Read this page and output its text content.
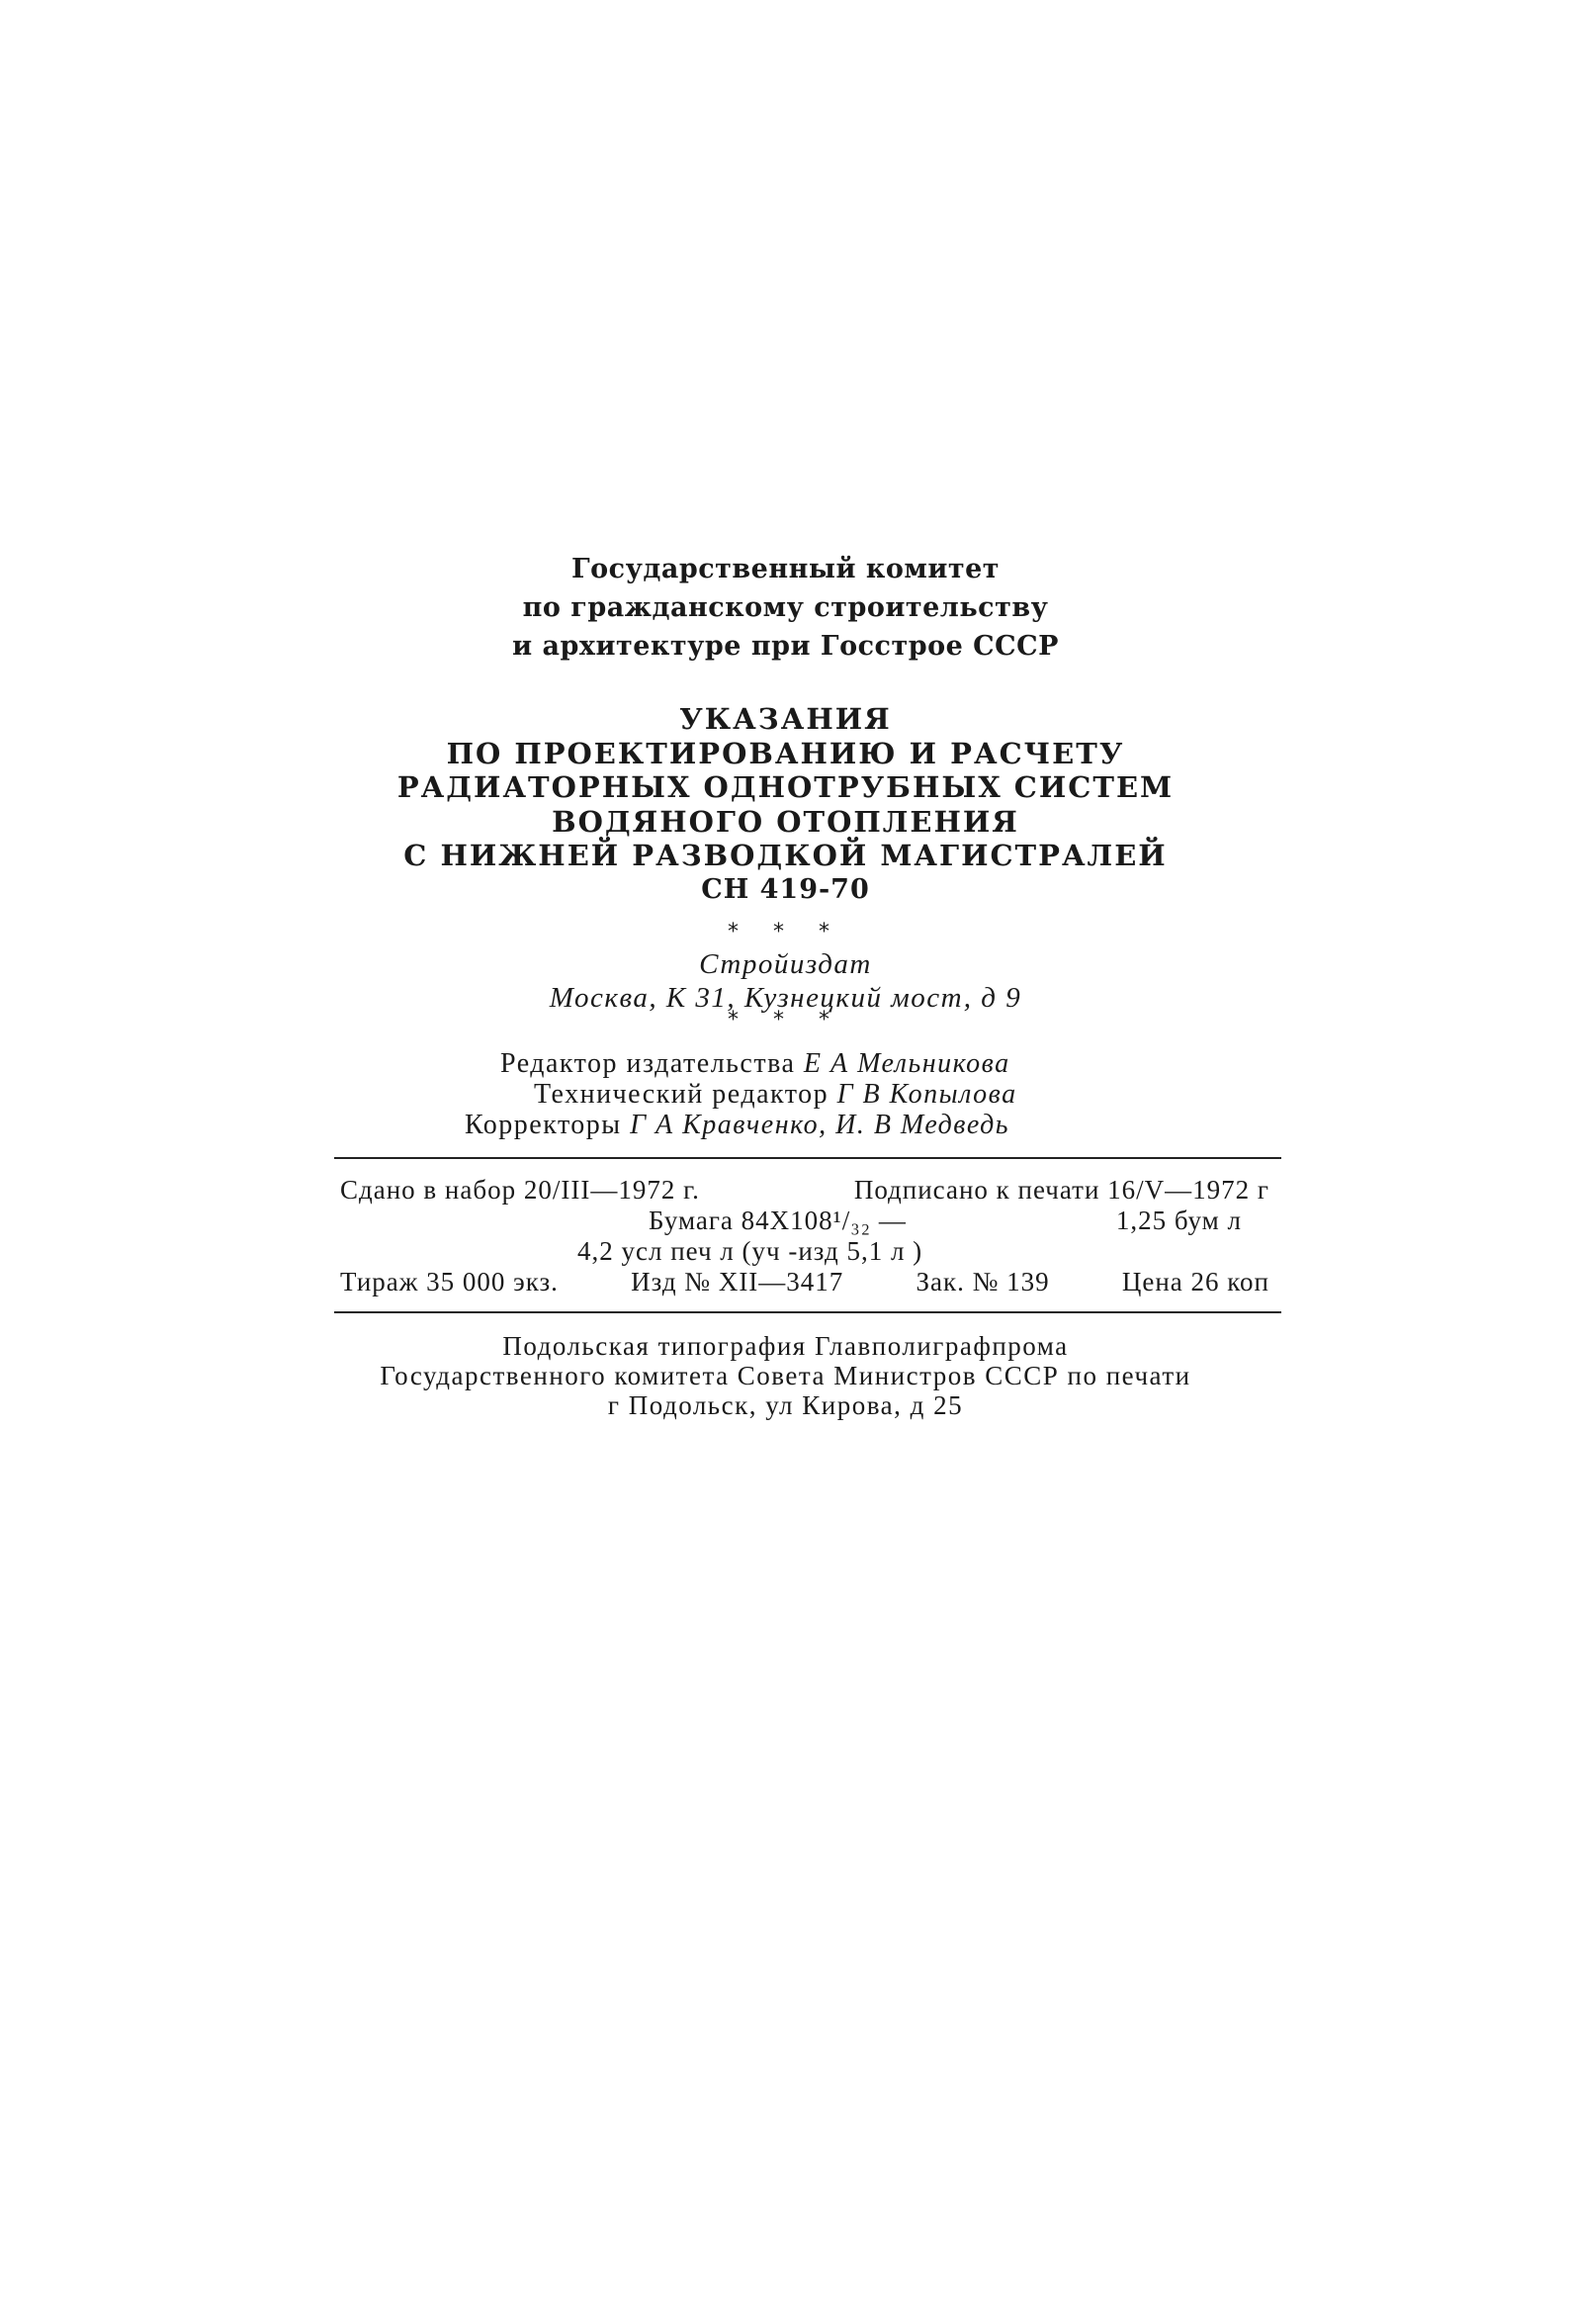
Государственный комитет
по гражданскому строительству
и архитектуре при Госстрое СССР
УКАЗАНИЯ
ПО ПРОЕКТИРОВАНИЮ И РАСЧЕТУ
РАДИАТОРНЫХ ОДНОТРУБНЫХ СИСТЕМ
ВОДЯНОГО ОТОПЛЕНИЯ
С НИЖНЕЙ РАЗВОДКОЙ МАГИСТРАЛЕЙ
СН 419-70
* * *
Стройиздат
Москва, К 31, Кузнецкий мост, д 9
* * *
Редактор издательства Е А Мельникова
Технический редактор Г В Копылова
Корректоры Г А Кравченко, И. В Медведь
Сдано в набор 20/III—1972 г.	Подписано к печати 16/V—1972 г
Бумага 84Х108¹/₃₂ —	1,25 бум л
4,2 усл печ л (уч -изд 5,1 л )
Тираж 35 000 экз.	Изд № XII—3417	Зак. № 139	Цена 26 коп
Подольская типография Главполиграфпрома
Государственного комитета Совета Министров СССР по печати
г Подольск, ул Кирова, д 25
